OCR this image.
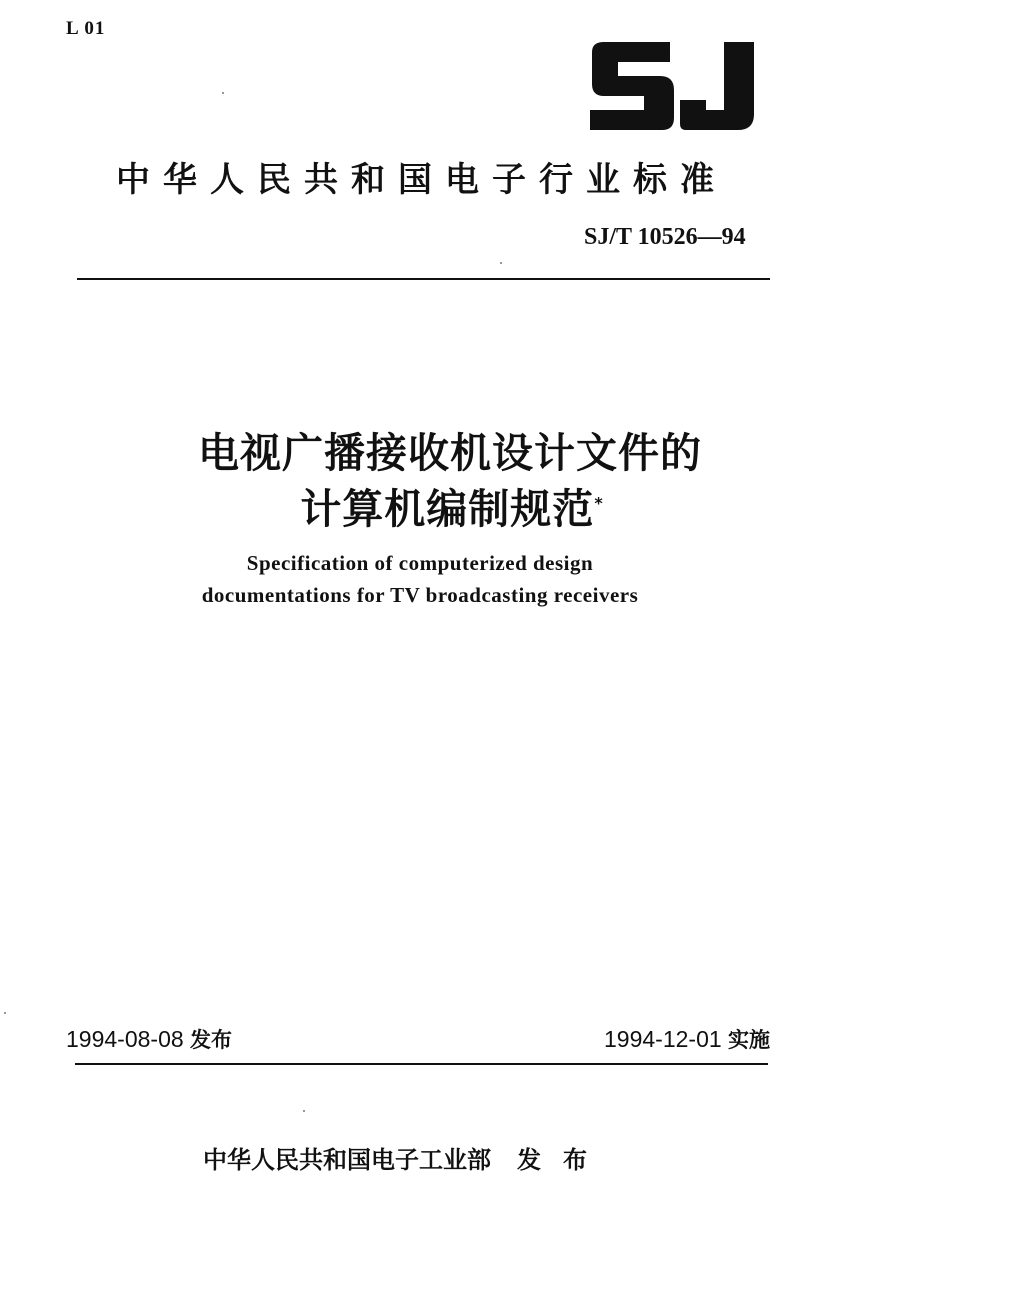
L 01
中华人民共和国电子行业标准
SJ/T 10526—94
电视广播接收机设计文件的
计算机编制规范*
Specification of computerized design
documentations for TV broadcasting receivers
1994-08-08 发布	1994-12-01 实施
中华人民共和国电子工业部 发布
